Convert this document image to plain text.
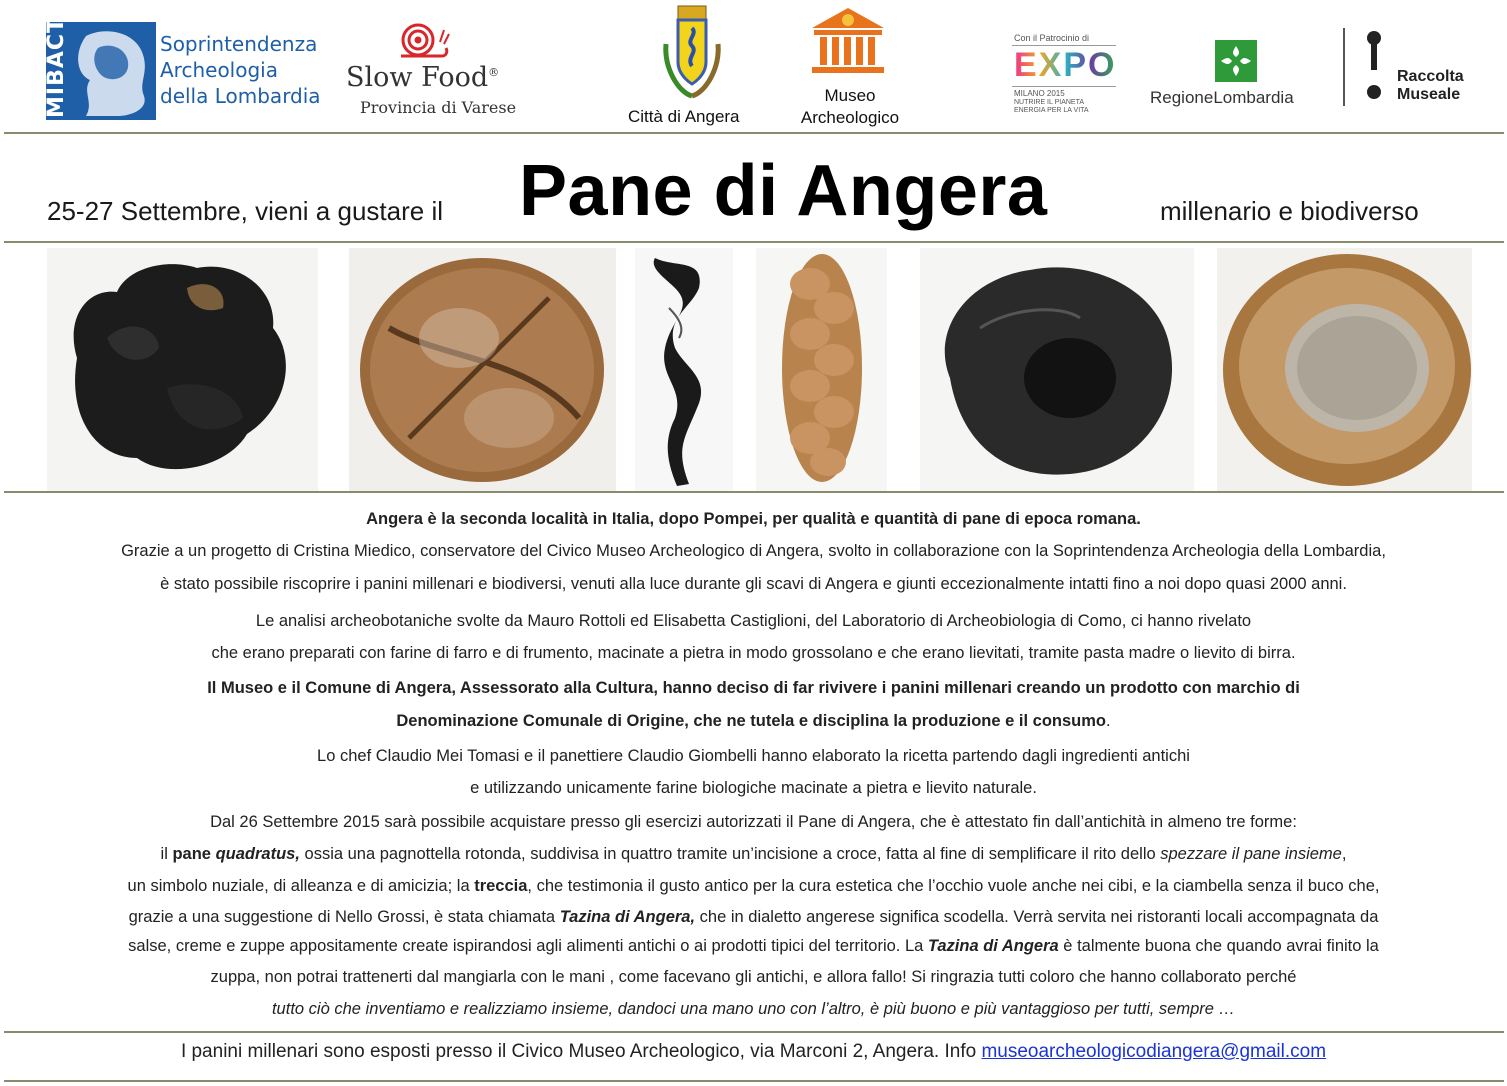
MIBACT	Soprintendenza
Archeologia
della Lombardia
Slow Food®
Provincia di Varese	Città di Angera
Museo
Archeologico
Con il Patrocinio di
EXPO
MILANO 2015
NUTRIRE IL PIANETA
ENERGIA PER LA VITA
RegioneLombardia
Raccolta
Museale
25-27 Settembre, vieni a gustare il Pane di Angera	millenario e biodiverso
Angera è la seconda località in Italia, dopo Pompei, per qualità e quantità di pane di epoca romana.
Grazie a un progetto di Cristina Miedico, conservatore del Civico Museo Archeologico di Angera, svolto in collaborazione con la Soprintendenza Archeologia della Lombardia,
è stato possibile riscoprire i panini millenari e biodiversi, venuti alla luce durante gli scavi di Angera e giunti eccezionalmente intatti fino a noi dopo quasi 2000 anni.
Le analisi archeobotaniche svolte da Mauro Rottoli ed Elisabetta Castiglioni, del Laboratorio di Archeobiologia di Como, ci hanno rivelato
che erano preparati con farine di farro e di frumento, macinate a pietra in modo grossolano e che erano lievitati, tramite pasta madre o lievito di birra.
Il Museo e il Comune di Angera, Assessorato alla Cultura, hanno deciso di far rivivere i panini millenari creando un prodotto con marchio di
Denominazione Comunale di Origine, che ne tutela e disciplina la produzione e il consumo.
Lo chef Claudio Mei Tomasi e il panettiere Claudio Giombelli hanno elaborato la ricetta partendo dagli ingredienti antichi
e utilizzando unicamente farine biologiche macinate a pietra e lievito naturale.
Dal 26 Settembre 2015 sarà possibile acquistare presso gli esercizi autorizzati il Pane di Angera, che è attestato fin dall’antichità in almeno tre forme:
il pane quadratus, ossia una pagnottella rotonda, suddivisa in quattro tramite un’incisione a croce, fatta al fine di semplificare il rito dello spezzare il pane insieme,
un simbolo nuziale, di alleanza e di amicizia; la treccia, che testimonia il gusto antico per la cura estetica che l’occhio vuole anche nei cibi, e la ciambella senza il buco che,
grazie a una suggestione di Nello Grossi, è stata chiamata Tazina di Angera, che in dialetto angerese significa scodella. Verrà servita nei ristoranti locali accompagnata da
salse, creme e zuppe appositamente create ispirandosi agli alimenti antichi o ai prodotti tipici del territorio. La Tazina di Angera è talmente buona che quando avrai finito la
zuppa, non potrai trattenerti dal mangiarla con le mani , come facevano gli antichi, e allora fallo! Si ringrazia tutti coloro che hanno collaborato perché
tutto ciò che inventiamo e realizziamo insieme, dandoci una mano uno con l’altro, è più buono e più vantaggioso per tutti, sempre …
I panini millenari sono esposti presso il Civico Museo Archeologico, via Marconi 2, Angera. Info museoarcheologicodiangera@gmail.com
